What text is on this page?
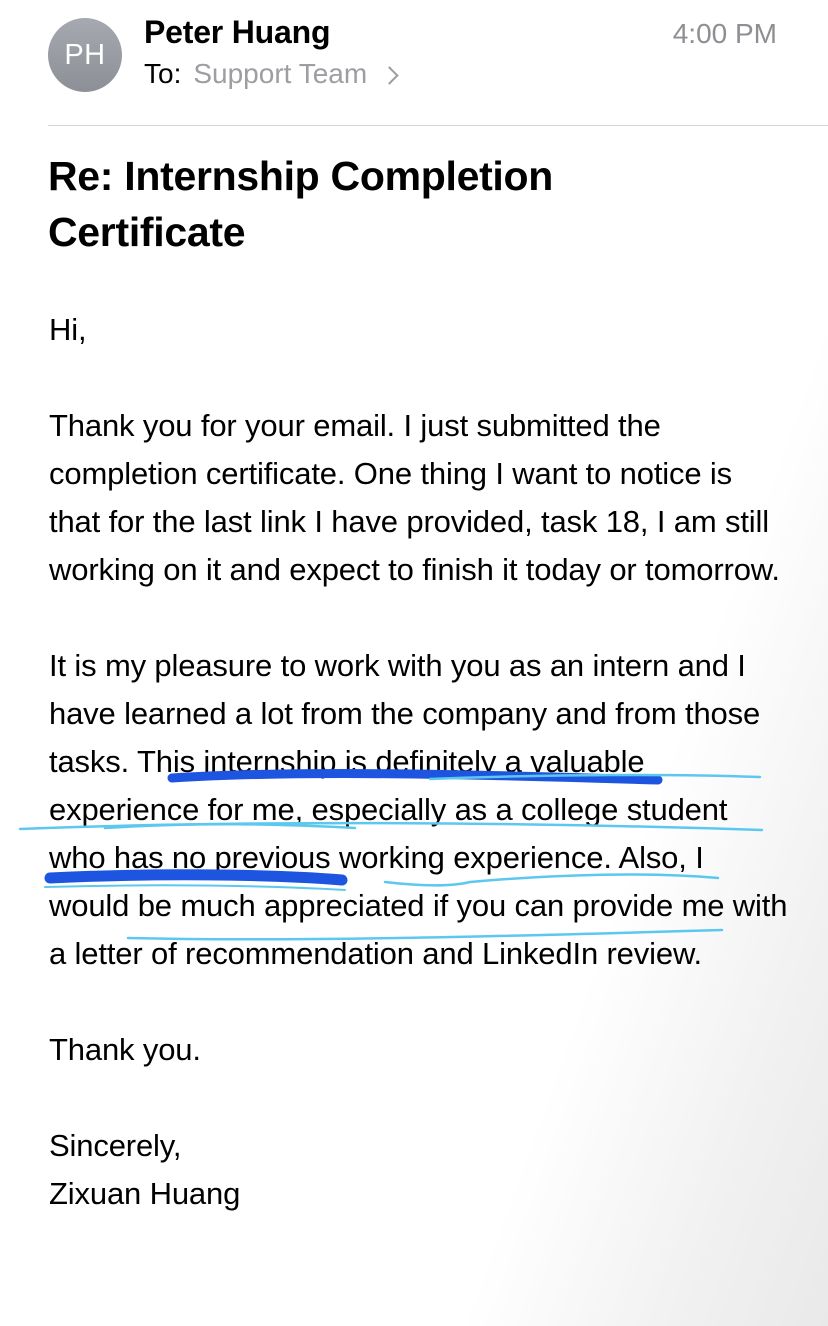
PH
Peter Huang	4:00 PM
To: Support Team
Re: Internship Completion Certificate

Hi,

Thank you for your email. I just submitted the completion certificate. One thing I want to notice is that for the last link I have provided, task 18, I am still working on it and expect to finish it today or tomorrow.

It is my pleasure to work with you as an intern and I have learned a lot from the company and from those tasks. This internship is definitely a valuable experience for me, especially as a college student who has no previous working experience. Also, I would be much appreciated if you can provide me with a letter of recommendation and LinkedIn review.

Thank you.

Sincerely,
Zixuan Huang
